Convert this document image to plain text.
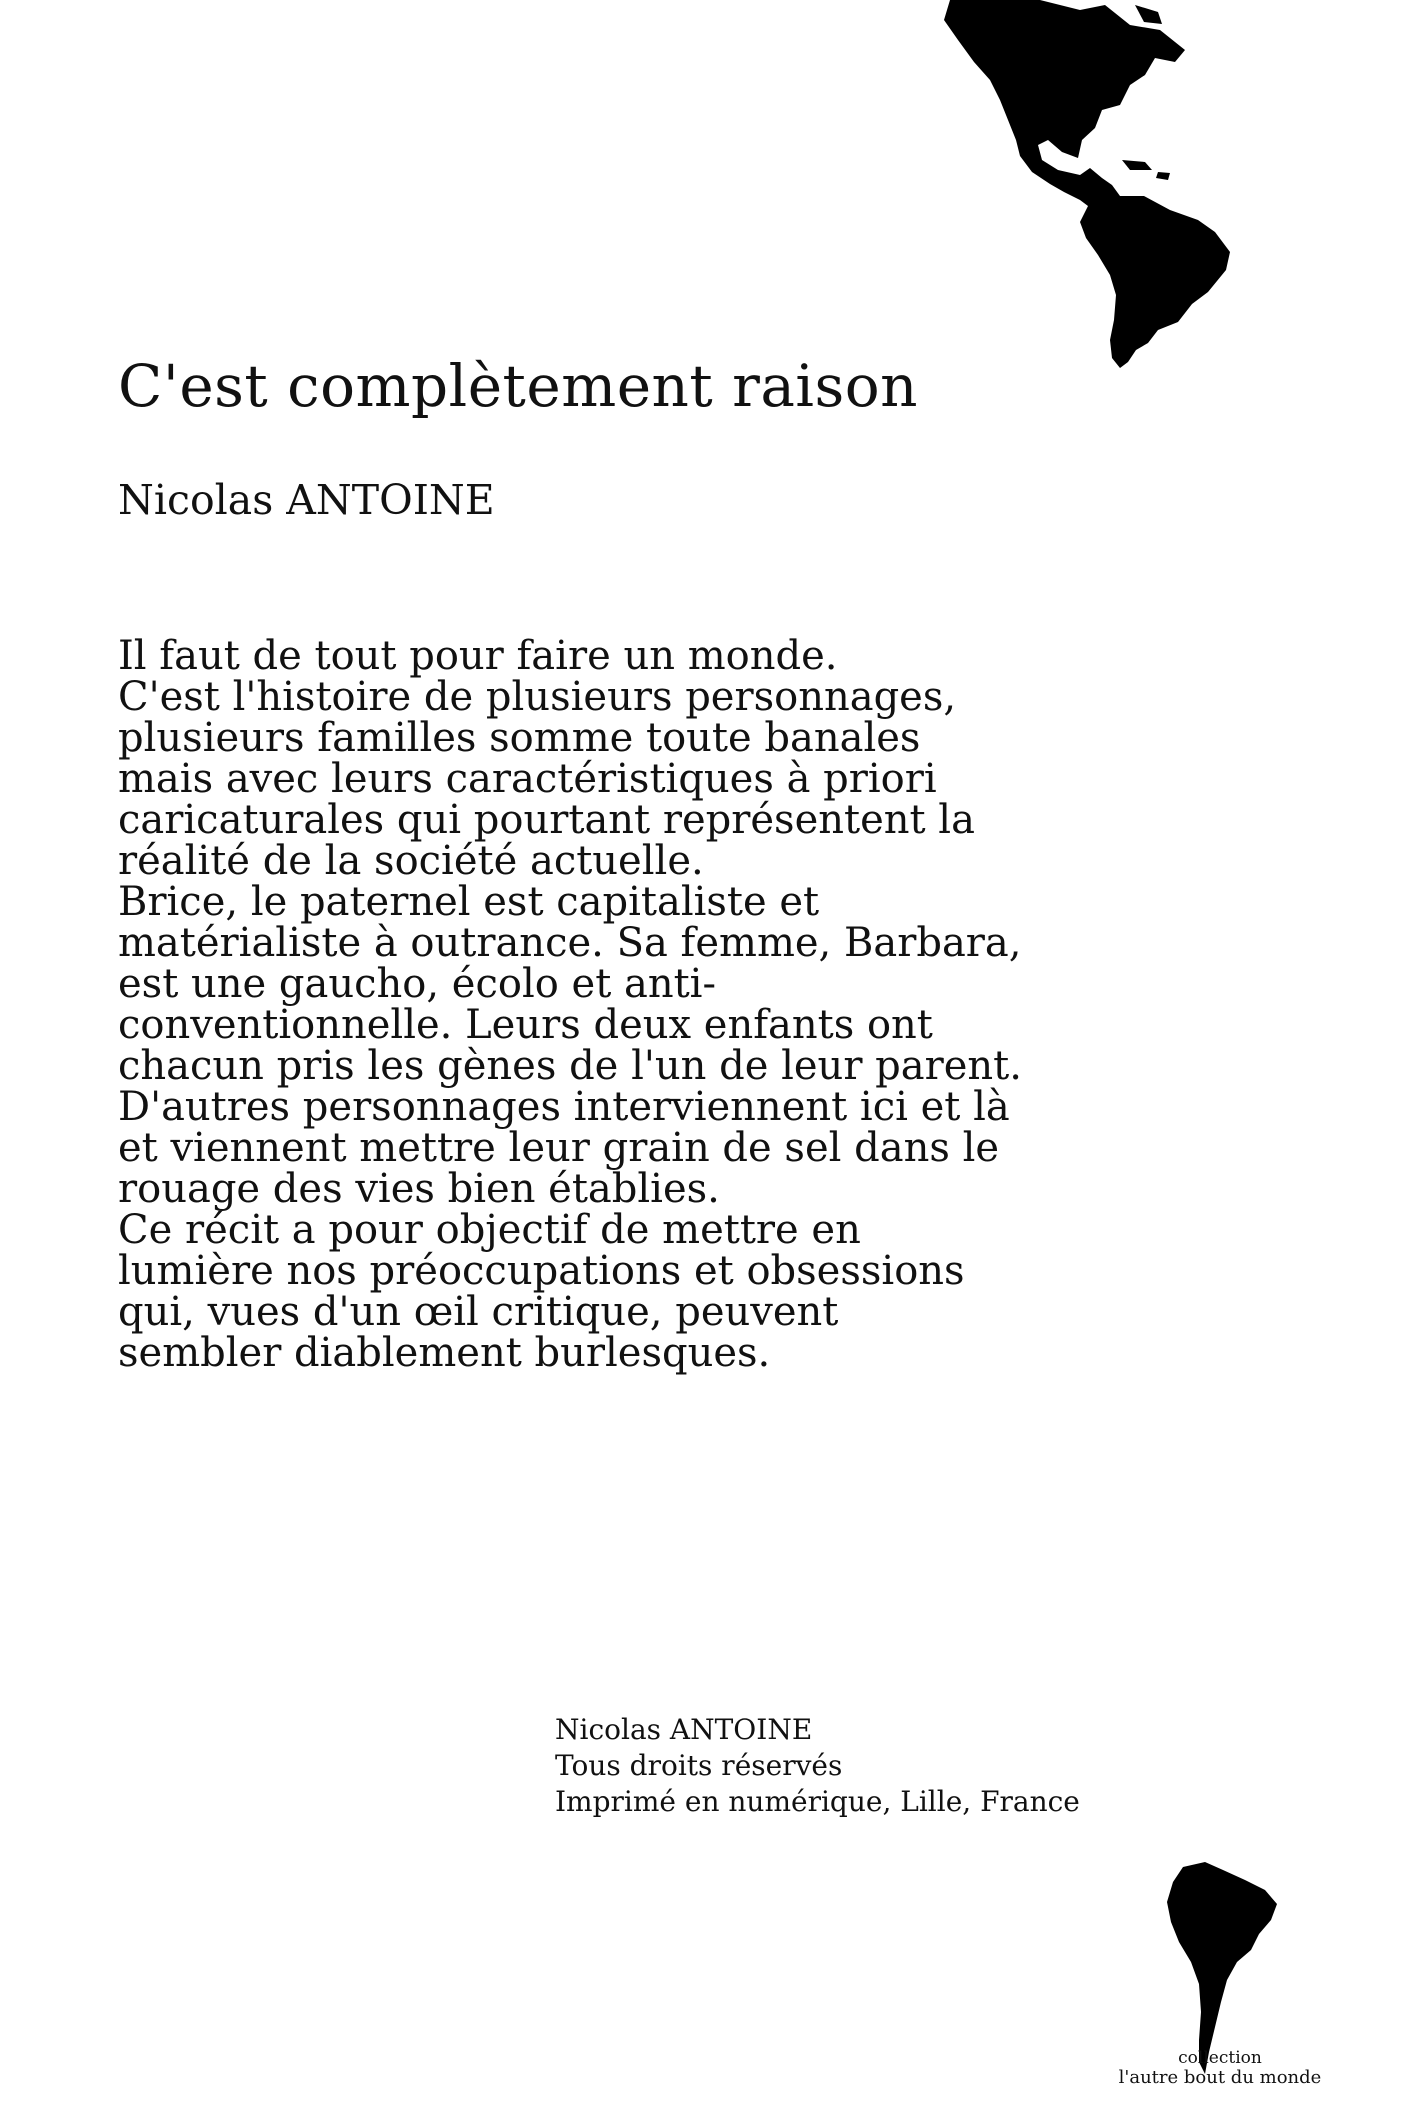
C'est complètement raison

Nicolas ANTOINE

Il faut de tout pour faire un monde.
C'est l'histoire de plusieurs personnages,
plusieurs familles somme toute banales
mais avec leurs caractéristiques à priori
caricaturales qui pourtant représentent la
réalité de la société actuelle.
Brice, le paternel est capitaliste et
matérialiste à outrance. Sa femme, Barbara,
est une gaucho, écolo et anti-
conventionnelle. Leurs deux enfants ont
chacun pris les gènes de l'un de leur parent.
D'autres personnages interviennent ici et là
et viennent mettre leur grain de sel dans le
rouage des vies bien établies.
Ce récit a pour objectif de mettre en
lumière nos préoccupations et obsessions
qui, vues d'un œil critique, peuvent
sembler diablement burlesques.
Nicolas ANTOINE
Tous droits réservés
Imprimé en numérique, Lille, France
collection
l'autre bout du monde
